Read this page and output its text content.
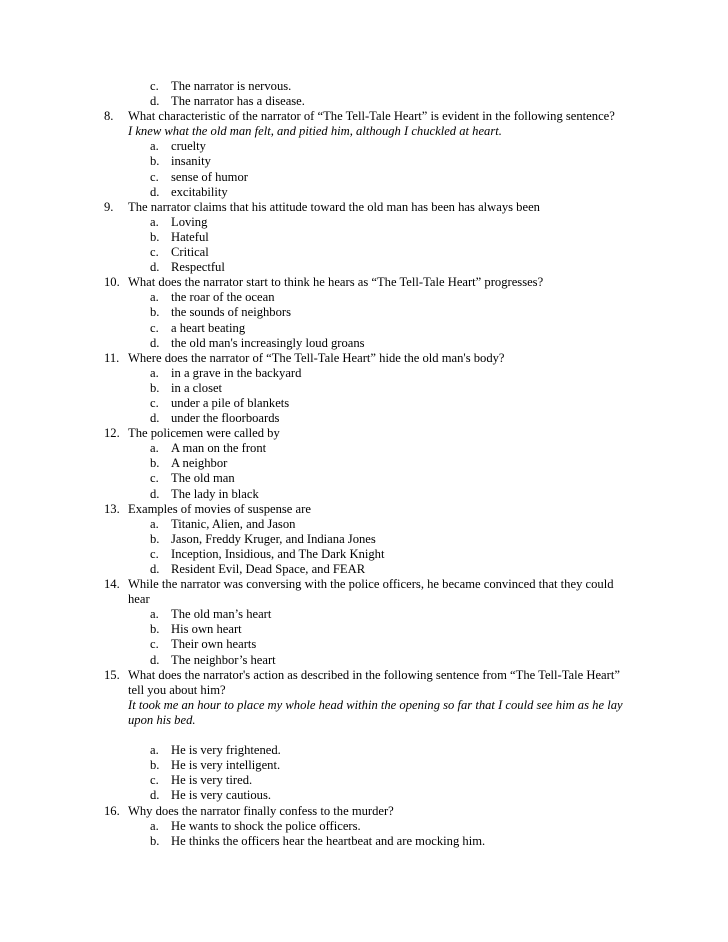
c. The narrator is nervous.
d. The narrator has a disease.
8. What characteristic of the narrator of “The Tell-Tale Heart” is evident in the following sentence?
I knew what the old man felt, and pitied him, although I chuckled at heart.
a. cruelty
b. insanity
c. sense of humor
d. excitability
9. The narrator claims that his attitude toward the old man has been has always been
a. Loving
b. Hateful
c. Critical
d. Respectful
10. What does the narrator start to think he hears as “The Tell-Tale Heart” progresses?
a. the roar of the ocean
b. the sounds of neighbors
c. a heart beating
d. the old man's increasingly loud groans
11. Where does the narrator of “The Tell-Tale Heart” hide the old man's body?
a. in a grave in the backyard
b. in a closet
c. under a pile of blankets
d. under the floorboards
12. The policemen were called by
a. A man on the front
b. A neighbor
c. The old man
d. The lady in black
13. Examples of movies of suspense are
a. Titanic, Alien, and Jason
b. Jason, Freddy Kruger, and Indiana Jones
c. Inception, Insidious, and The Dark Knight
d. Resident Evil, Dead Space, and FEAR
14. While the narrator was conversing with the police officers, he became convinced that they could
hear
a. The old man’s heart
b. His own heart
c. Their own hearts
d. The neighbor’s heart
15. What does the narrator's action as described in the following sentence from “The Tell-Tale Heart”
tell you about him?
It took me an hour to place my whole head within the opening so far that I could see him as he lay
upon his bed.
a. He is very frightened.
b. He is very intelligent.
c. He is very tired.
d. He is very cautious.
16. Why does the narrator finally confess to the murder?
a. He wants to shock the police officers.
b. He thinks the officers hear the heartbeat and are mocking him.
